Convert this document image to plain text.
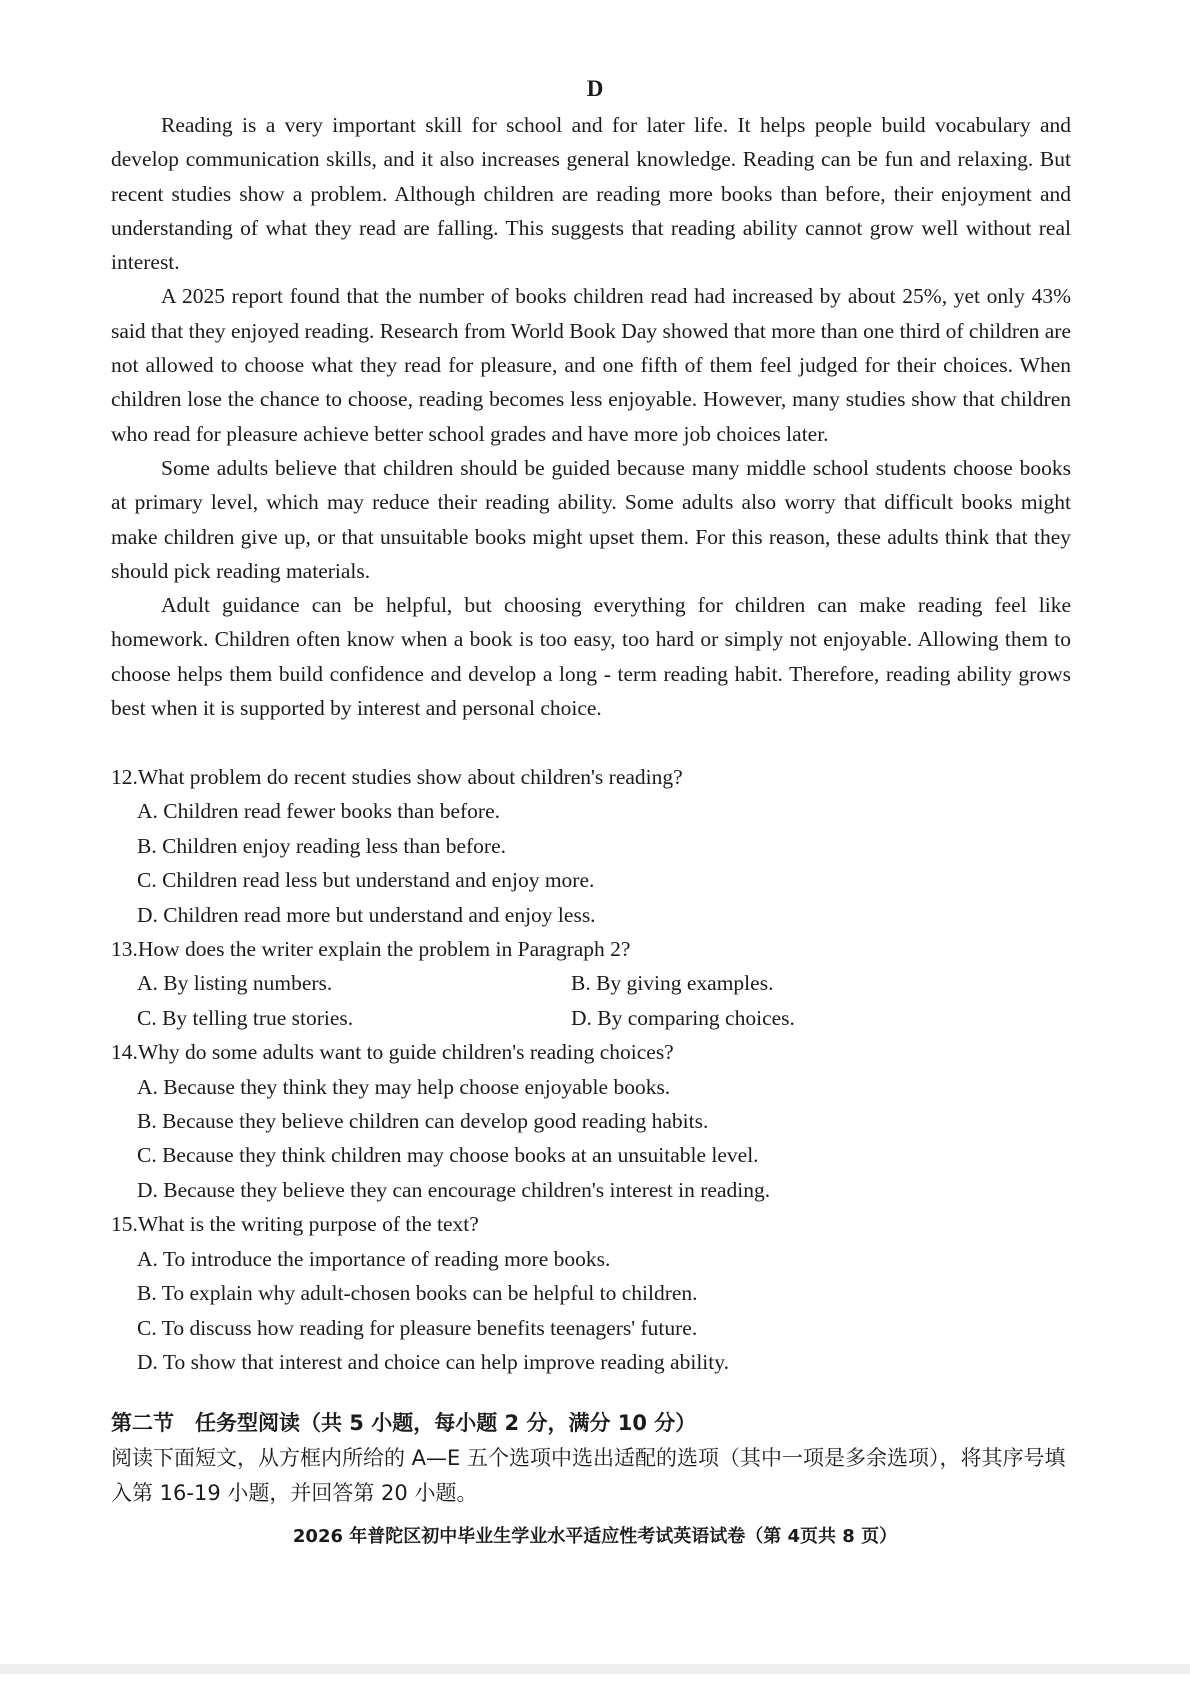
D

Reading is a very important skill for school and for later life. It helps people build vocabulary and develop communication skills, and it also increases general knowledge. Reading can be fun and relaxing. But recent studies show a problem. Although children are reading more books than before, their enjoyment and understanding of what they read are falling. This suggests that reading ability cannot grow well without real interest.

A 2025 report found that the number of books children read had increased by about 25%, yet only 43% said that they enjoyed reading. Research from World Book Day showed that more than one third of children are not allowed to choose what they read for pleasure, and one fifth of them feel judged for their choices. When children lose the chance to choose, reading becomes less enjoyable. However, many studies show that children who read for pleasure achieve better school grades and have more job choices later.

Some adults believe that children should be guided because many middle school students choose books at primary level, which may reduce their reading ability. Some adults also worry that difficult books might make children give up, or that unsuitable books might upset them. For this reason, these adults think that they should pick reading materials.

Adult guidance can be helpful, but choosing everything for children can make reading feel like homework. Children often know when a book is too easy, too hard or simply not enjoyable. Allowing them to choose helps them build confidence and develop a long - term reading habit. Therefore, reading ability grows best when it is supported by interest and personal choice.

12.What problem do recent studies show about children's reading?

A. Children read fewer books than before.

B. Children enjoy reading less than before.

C. Children read less but understand and enjoy more.

D. Children read more but understand and enjoy less.

13.How does the writer explain the problem in Paragraph 2?

A. By listing numbers.	B. By giving examples.

C. By telling true stories.	D. By comparing choices.

14.Why do some adults want to guide children's reading choices?

A. Because they think they may help choose enjoyable books.

B. Because they believe children can develop good reading habits.

C. Because they think children may choose books at an unsuitable level.

D. Because they believe they can encourage children's interest in reading.

15.What is the writing purpose of the text?

A. To introduce the importance of reading more books.

B. To explain why adult-chosen books can be helpful to children.

C. To discuss how reading for pleasure benefits teenagers' future.

D. To show that interest and choice can help improve reading ability.

第二节　任务型阅读（共 5 小题，每小题 2 分，满分 10 分）

阅读下面短文，从方框内所给的 A—E 五个选项中选出适配的选项（其中一项是多余选项），将其序号填入第 16-19 小题，并回答第 20 小题。

2026 年普陀区初中毕业生学业水平适应性考试英语试卷（第 4页共 8 页）
